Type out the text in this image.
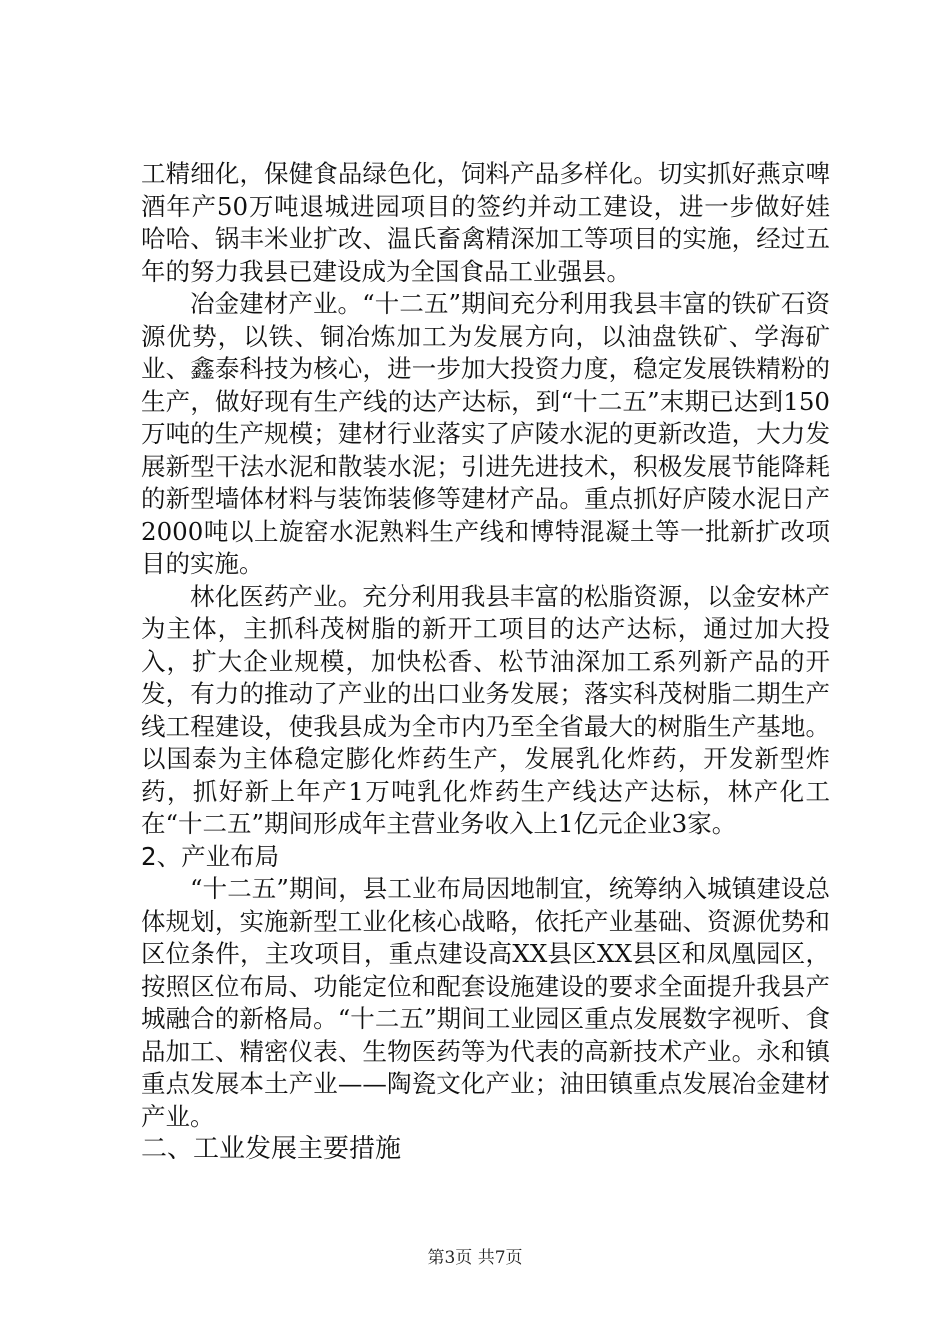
工精细化，保健食品绿色化，饲料产品多样化。切实抓好燕京啤酒年产50万吨退城进园项目的签约并动工建设，进一步做好娃哈哈、锅丰米业扩改、温氏畜禽精深加工等项目的实施，经过五年的努力我县已建设成为全国食品工业强县。

冶金建材产业。“十二五”期间充分利用我县丰富的铁矿石资源优势，以铁、铜冶炼加工为发展方向，以油盘铁矿、学海矿业、鑫泰科技为核心，进一步加大投资力度，稳定发展铁精粉的生产，做好现有生产线的达产达标，到“十二五”末期已达到150万吨的生产规模；建材行业落实了庐陵水泥的更新改造，大力发展新型干法水泥和散装水泥；引进先进技术，积极发展节能降耗的新型墙体材料与装饰装修等建材产品。重点抓好庐陵水泥日产2000吨以上旋窑水泥熟料生产线和博特混凝土等一批新扩改项目的实施。

林化医药产业。充分利用我县丰富的松脂资源，以金安林产为主体，主抓科茂树脂的新开工项目的达产达标，通过加大投入，扩大企业规模，加快松香、松节油深加工系列新产品的开发，有力的推动了产业的出口业务发展；落实科茂树脂二期生产线工程建设，使我县成为全市内乃至全省最大的树脂生产基地。以国泰为主体稳定膨化炸药生产，发展乳化炸药，开发新型炸药，抓好新上年产1万吨乳化炸药生产线达产达标，林产化工在“十二五”期间形成年主营业务收入上1亿元企业3家。

2、产业布局

“十二五”期间，县工业布局因地制宜，统筹纳入城镇建设总体规划，实施新型工业化核心战略，依托产业基础、资源优势和区位条件，主攻项目，重点建设高XX县区XX县区和凤凰园区，按照区位布局、功能定位和配套设施建设的要求全面提升我县产城融合的新格局。“十二五”期间工业园区重点发展数字视听、食品加工、精密仪表、生物医药等为代表的高新技术产业。永和镇重点发展本土产业——陶瓷文化产业；油田镇重点发展冶金建材产业。

二、工业发展主要措施

第3页 共7页
